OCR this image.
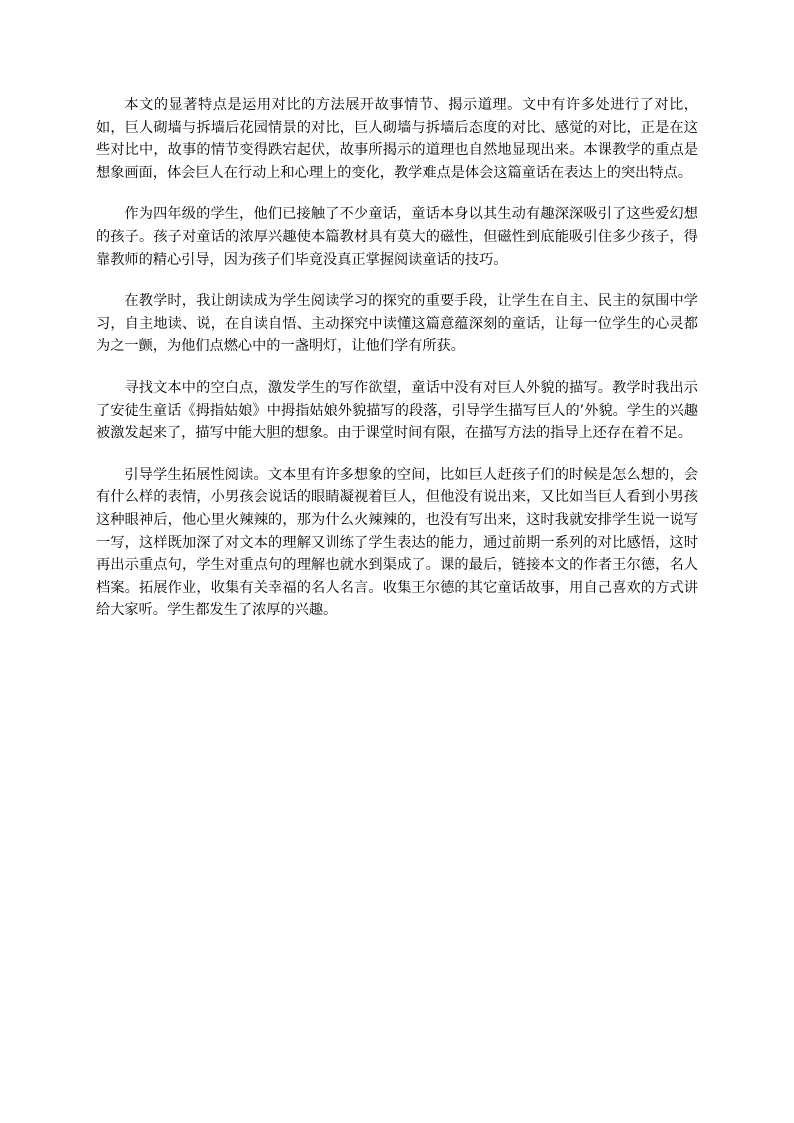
本文的显著特点是运用对比的方法展开故事情节、揭示道理。文中有许多处进行了对比，如，巨人砌墙与拆墙后花园情景的对比，巨人砌墙与拆墙后态度的对比、感觉的对比，正是在这些对比中，故事的情节变得跌宕起伏，故事所揭示的道理也自然地显现出来。本课教学的重点是想象画面，体会巨人在行动上和心理上的变化，教学难点是体会这篇童话在表达上的突出特点。

作为四年级的学生，他们已接触了不少童话，童话本身以其生动有趣深深吸引了这些爱幻想的孩子。孩子对童话的浓厚兴趣使本篇教材具有莫大的磁性，但磁性到底能吸引住多少孩子，得靠教师的精心引导，因为孩子们毕竟没真正掌握阅读童话的技巧。

在教学时，我让朗读成为学生阅读学习的探究的重要手段，让学生在自主、民主的氛围中学习，自主地读、说，在自读自悟、主动探究中读懂这篇意蕴深刻的童话，让每一位学生的心灵都为之一颤，为他们点燃心中的一盏明灯，让他们学有所获。

寻找文本中的空白点，激发学生的写作欲望，童话中没有对巨人外貌的描写。教学时我出示了安徒生童话《拇指姑娘》中拇指姑娘外貌描写的段落，引导学生描写巨人的’外貌。学生的兴趣被激发起来了，描写中能大胆的想象。由于课堂时间有限，在描写方法的指导上还存在着不足。

引导学生拓展性阅读。文本里有许多想象的空间，比如巨人赶孩子们的时候是怎么想的，会有什么样的表情，小男孩会说话的眼睛凝视着巨人，但他没有说出来，又比如当巨人看到小男孩这种眼神后，他心里火辣辣的，那为什么火辣辣的，也没有写出来，这时我就安排学生说一说写一写，这样既加深了对文本的理解又训练了学生表达的能力，通过前期一系列的对比感悟，这时再出示重点句，学生对重点句的理解也就水到渠成了。课的最后，链接本文的作者王尔德，名人档案。拓展作业，收集有关幸福的名人名言。收集王尔德的其它童话故事，用自己喜欢的方式讲给大家听。学生都发生了浓厚的兴趣。
